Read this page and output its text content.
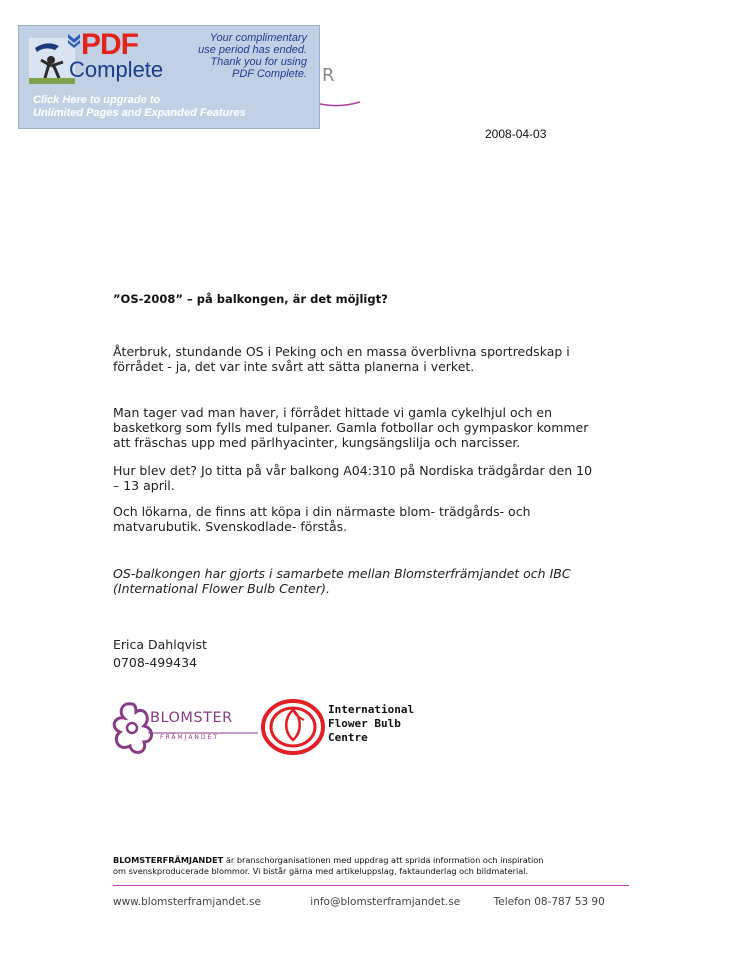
PDF
Complete
Your complimentary
use period has ended.
Thank you for using
PDF Complete.
Click Here to upgrade to
Unlimited Pages and Expanded Features
R
2008-04-03
”OS-2008” – på balkongen, är det möjligt?
Återbruk, stundande OS i Peking och en massa överblivna sportredskap i
förrådet - ja, det var inte svårt att sätta planerna i verket.
Man tager vad man haver, i förrådet hittade vi gamla cykelhjul och en
basketkorg som fylls med tulpaner. Gamla fotbollar och gympaskor kommer
att fräschas upp med pärlhyacinter, kungsängslilja och narcisser.
Hur blev det? Jo titta på vår balkong A04:310 på Nordiska trädgårdar den 10
– 13 april.
Och lökarna, de finns att köpa i din närmaste blom- trädgårds- och
matvarubutik. Svenskodlade- förstås.
OS-balkongen har gjorts i samarbete mellan Blomsterfrämjandet och IBC
(International Flower Bulb Center).
Erica Dahlqvist
0708-499434
BLOMSTER
FRÄMJANDET
International
Flower Bulb
Centre
BLOMSTERFRÄMJANDET är branschorganisationen med uppdrag att sprida information och inspiration
om svenskproducerade blommor. Vi bistår gärna med artikeluppslag, faktaunderlag och bildmaterial.
www.blomsterframjandet.se	info@blomsterframjandet.se	Telefon 08-787 53 90
